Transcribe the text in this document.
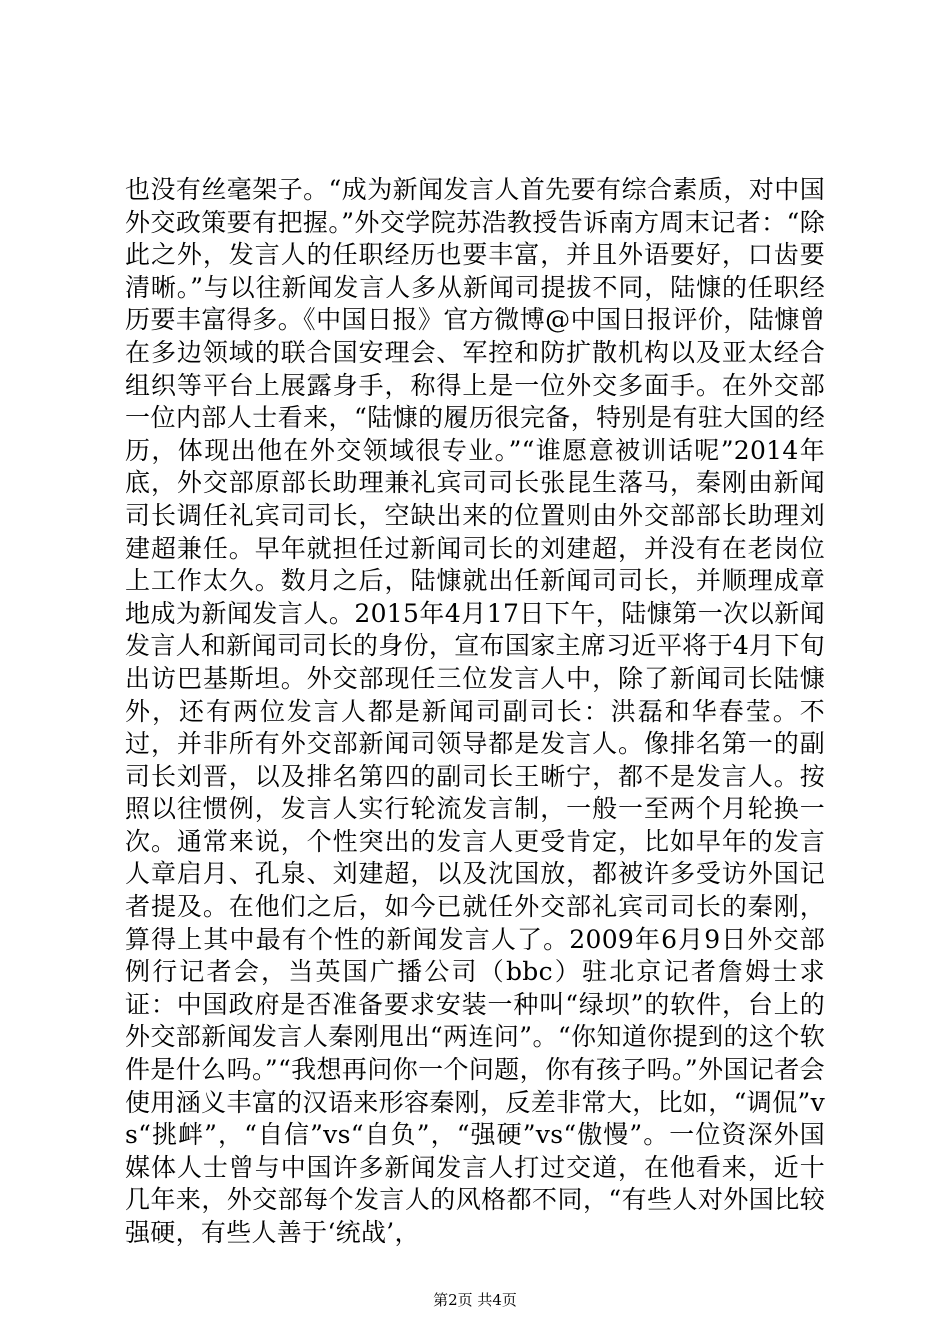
也没有丝毫架子。“成为新闻发言人首先要有综合素质，对中国外交政策要有把握。”外交学院苏浩教授告诉南方周末记者：“除此之外，发言人的任职经历也要丰富，并且外语要好，口齿要清晰。”与以往新闻发言人多从新闻司提拔不同，陆慷的任职经历要丰富得多。《中国日报》官方微博@中国日报评价，陆慷曾在多边领域的联合国安理会、军控和防扩散机构以及亚太经合组织等平台上展露身手，称得上是一位外交多面手。在外交部一位内部人士看来，“陆慷的履历很完备，特别是有驻大国的经历，体现出他在外交领域很专业。”“谁愿意被训话呢”2014年底，外交部原部长助理兼礼宾司司长张昆生落马，秦刚由新闻司长调任礼宾司司长，空缺出来的位置则由外交部部长助理刘建超兼任。早年就担任过新闻司长的刘建超，并没有在老岗位上工作太久。数月之后，陆慷就出任新闻司司长，并顺理成章地成为新闻发言人。2015年4月17日下午，陆慷第一次以新闻发言人和新闻司司长的身份，宣布国家主席习近平将于4月下旬出访巴基斯坦。外交部现任三位发言人中，除了新闻司长陆慷外，还有两位发言人都是新闻司副司长：洪磊和华春莹。不过，并非所有外交部新闻司领导都是发言人。像排名第一的副司长刘晋，以及排名第四的副司长王晰宁，都不是发言人。按照以往惯例，发言人实行轮流发言制，一般一至两个月轮换一次。通常来说，个性突出的发言人更受肯定，比如早年的发言人章启月、孔泉、刘建超，以及沈国放，都被许多受访外国记者提及。在他们之后，如今已就任外交部礼宾司司长的秦刚，算得上其中最有个性的新闻发言人了。2009年6月9日外交部例行记者会，当英国广播公司（bbc）驻北京记者詹姆士求证：中国政府是否准备要求安装一种叫“绿坝”的软件，台上的外交部新闻发言人秦刚甩出“两连问”。“你知道你提到的这个软件是什么吗。”“我想再问你一个问题，你有孩子吗。”外国记者会使用涵义丰富的汉语来形容秦刚，反差非常大，比如，“调侃”vs“挑衅”，“自信”vs“自负”，“强硬”vs“傲慢”。一位资深外国媒体人士曾与中国许多新闻发言人打过交道，在他看来，近十几年来，外交部每个发言人的风格都不同，“有些人对外国比较强硬，有些人善于‘统战’，

第2页 共4页
